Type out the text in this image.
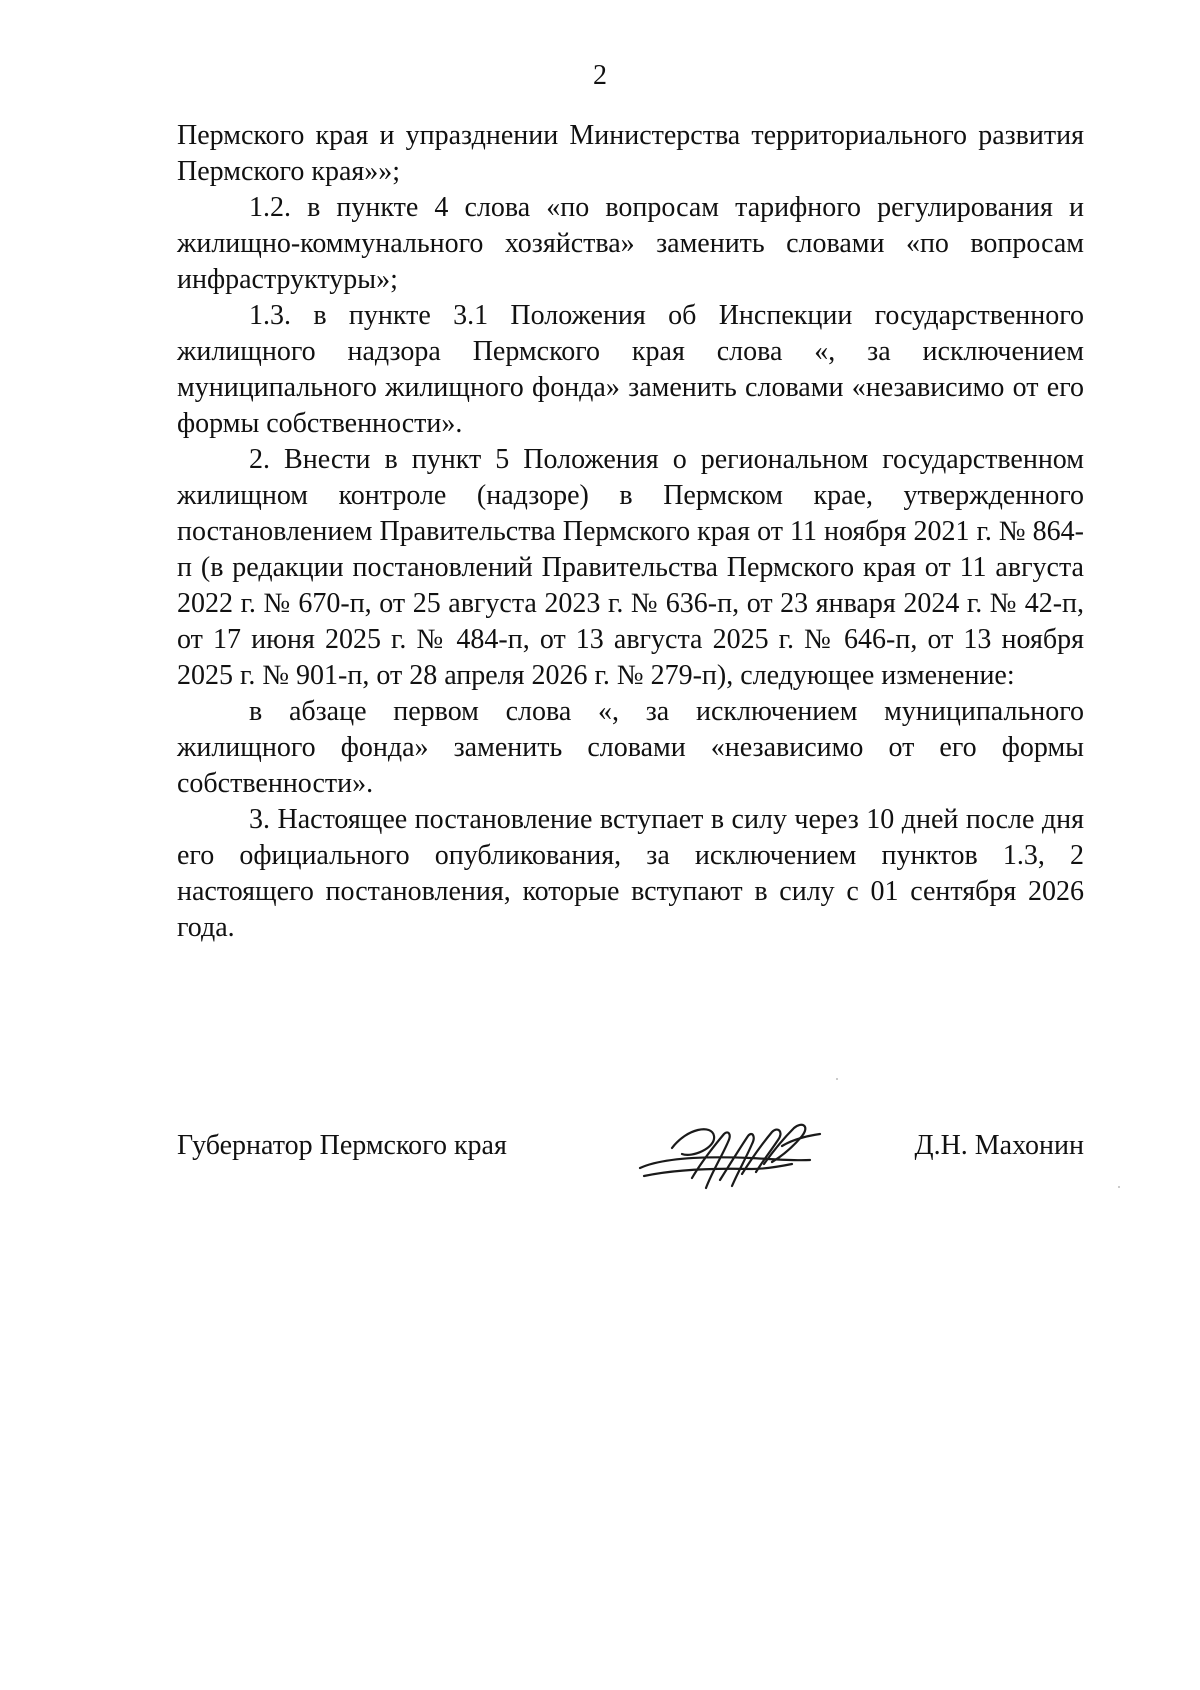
2

Пермского края и упразднении Министерства территориального развития Пермского края»»;

1.2. в пункте 4 слова «по вопросам тарифного регулирования и жилищно-коммунального хозяйства» заменить словами «по вопросам инфраструктуры»;

1.3. в пункте 3.1 Положения об Инспекции государственного жилищного надзора Пермского края слова «, за исключением муниципального жилищного фонда» заменить словами «независимо от его формы собственности».

2. Внести в пункт 5 Положения о региональном государственном жилищном контроле (надзоре) в Пермском крае, утвержденного постановлением Правительства Пермского края от 11 ноября 2021 г. № 864-п (в редакции постановлений Правительства Пермского края от 11 августа 2022 г. № 670-п, от 25 августа 2023 г. № 636-п, от 23 января 2024 г. № 42-п, от 17 июня 2025 г. № 484-п, от 13 августа 2025 г. № 646-п, от 13 ноября 2025 г. № 901-п, от 28 апреля 2026 г. № 279-п), следующее изменение:

в абзаце первом слова «, за исключением муниципального жилищного фонда» заменить словами «независимо от его формы собственности».

3. Настоящее постановление вступает в силу через 10 дней после дня его официального опубликования, за исключением пунктов 1.3, 2 настоящего постановления, которые вступают в силу с 01 сентября 2026 года.

Губернатор Пермского края	Д.Н. Махонин
